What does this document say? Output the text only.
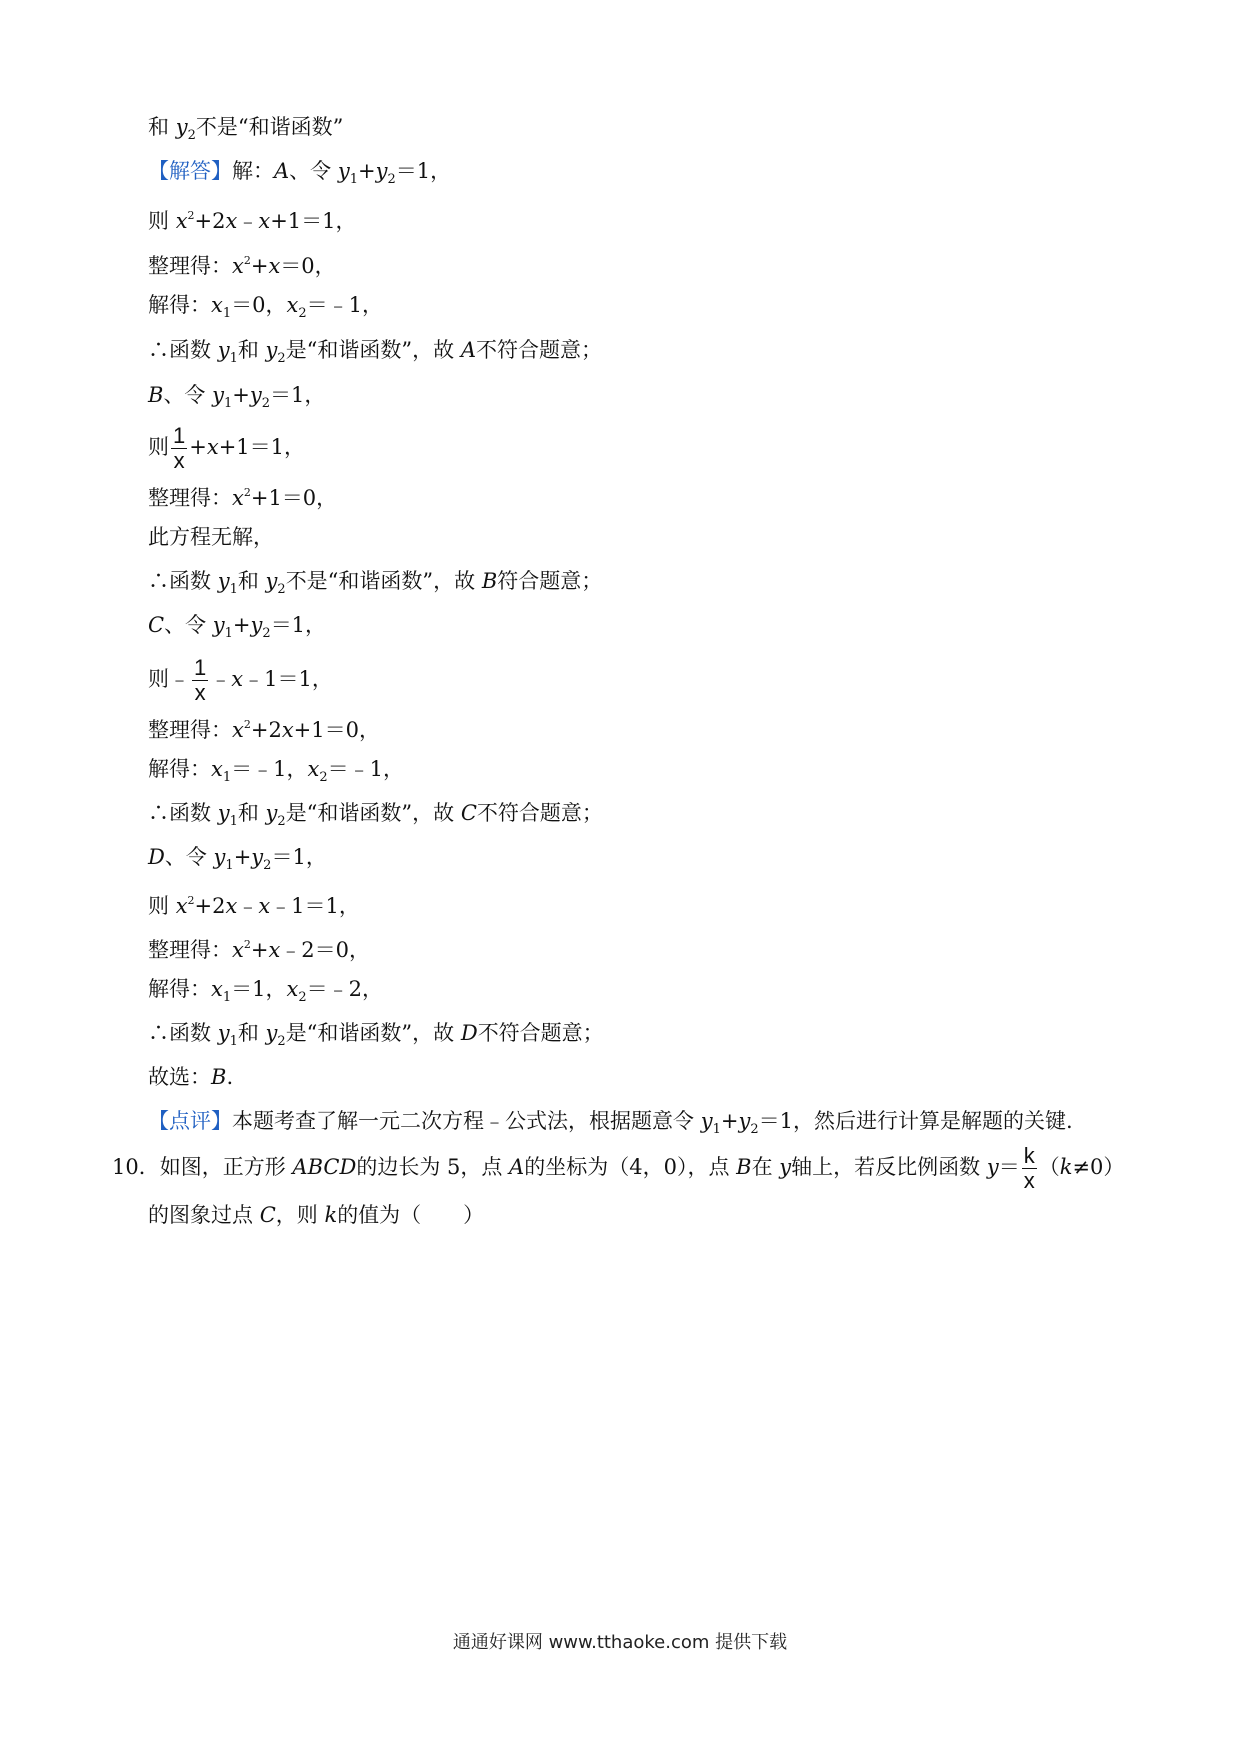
和 $y_2$不是“和谐函数”
【解答】解：A、令 $y_1+y_2=1$，
则 $x^2+2x﹣x+1=1$，
整理得：$x^2+x=0$，
解得：$x_1=0$，$x_2=﹣1$，
∴函数 $y_1$和 $y_2$是“和谐函数”，故 A不符合题意；
B、令 $y_1+y_2=1$，
则 $\frac{1}{x} +x+1=1$，
整理得：$x^2+1=0$，
此方程无解，
∴函数 $y_1$和 $y_2$不是“和谐函数”，故 B符合题意；
C、令 $y_1+y_2=1$，
则﹣ $\frac{1}{x}$ ﹣x﹣1＝1，
整理得：$x^2+2x+1=0$，
解得：$x_1=﹣1$，$x_2=﹣1$，
∴函数 $y_1$和 $y_2$是“和谐函数”，故 C不符合题意；
D、令 $y_1+y_2=1$，
则 $x^2+2x﹣x﹣1=1$，
整理得：$x^2+x﹣2=0$，
解得：$x_1=1$，$x_2=﹣2$，
∴函数 $y_1$和 $y_2$是“和谐函数”，故 D不符合题意；
故选：B.
【点评】本题考查了解一元二次方程﹣公式法，根据题意令 $y_1+y_2=1$，然后进行计算是解题的关键.
10．如图，正方形 ABCD的边长为 5，点 A的坐标为（4，0），点 B在 y轴上，若反比例函数 $y= \frac{k}{x} (k\ne 0)$
的图象过点 C，则 k的值为（　　）
通通好课网 www.tthaoke.com 提供下载
